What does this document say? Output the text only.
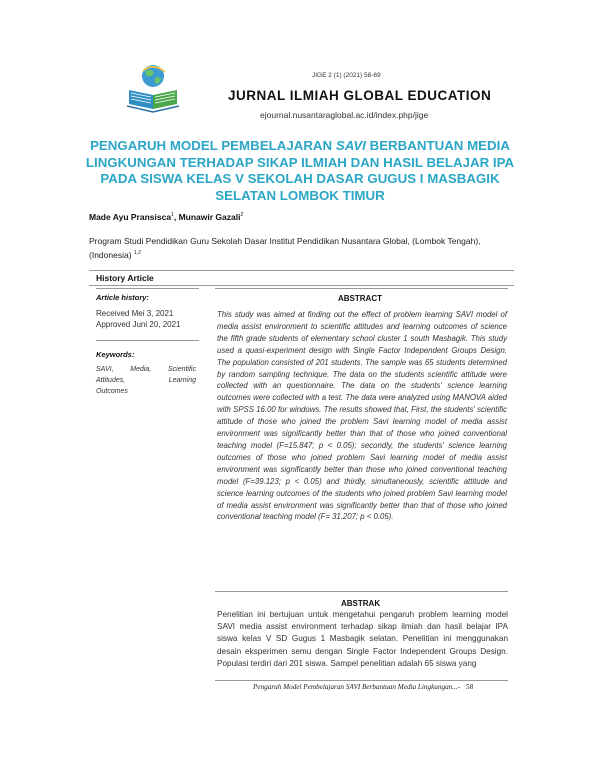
JIGE 2 (1) (2021) 58-69
JURNAL ILMIAH GLOBAL EDUCATION
ejournal.nusantaraglobal.ac.id/index.php/jige
PENGARUH MODEL PEMBELAJARAN SAVI BERBANTUAN MEDIA
LINGKUNGAN TERHADAP SIKAP ILMIAH DAN HASIL BELAJAR IPA
PADA SISWA KELAS V SEKOLAH DASAR GUGUS I MASBAGIK
SELATAN LOMBOK TIMUR
Made Ayu Pransisca$^1$, Munawir Gazali$^2$
Program Studi Pendidikan Guru Sekolah Dasar Institut Pendidikan Nusantara Global, (Lombok Tengah), (Indonesia) $^{1,2}$
History Article
Article history:
Received Mei 3, 2021
Approved Juni 20, 2021
Keywords:
SAVI, Media, Scientific
Attitudes,	Learning
Outcomes
ABSTRACT
This study was aimed at finding out the effect of problem learning SAVI model of media assist environment to scientific attitudes and learning outcomes of science the fifth grade students of elementary school cluster 1 south Masbagik. This study used a quasi-experiment design with Single Factor Independent Groups Design. The population consisted of 201 students. The sample was 65 students determined by random sampling technique. The data on the students scientific attitude were collected with an questionnaire. The data on the students' science learning outcomes were collected with a test. The data were analyzed using MANOVA aided with SPSS 16.00 for windows. The results showed that, First, the students' scientific attitude of those who joined the problem Savi learning model of media assist environment was significantly better than that of those who joined conventional teaching model (F=15.847; p < 0.05); secondly, the students' science learning outcomes of those who joined problem Savi learning model of media assist environment was significantly better than those who joined conventional teaching model (F=39.123; p < 0.05) and thirdly, simultaneously, scientific attitude and science learning outcomes of the students who joined problem Savi learning model of media assist environment was significantly better than that of those who joined conventional teaching model (F= 31.207; p < 0.05).
ABSTRAK
Penelitian ini bertujuan untuk mengetahui pengaruh problem learning model SAVI media assist environment terhadap sikap ilmiah dan hasil belajar IPA siswa kelas V SD Gugus 1 Masbagik selatan. Penelitian ini menggunakan desain eksperimen semu dengan Single Factor Independent Groups Design. Populasi terdiri dari 201 siswa. Sampel penelitian adalah 65 siswa yang
Pengaruh Model Pembelajaran SAVI Berbantuan Media Lingkungan...- 58
